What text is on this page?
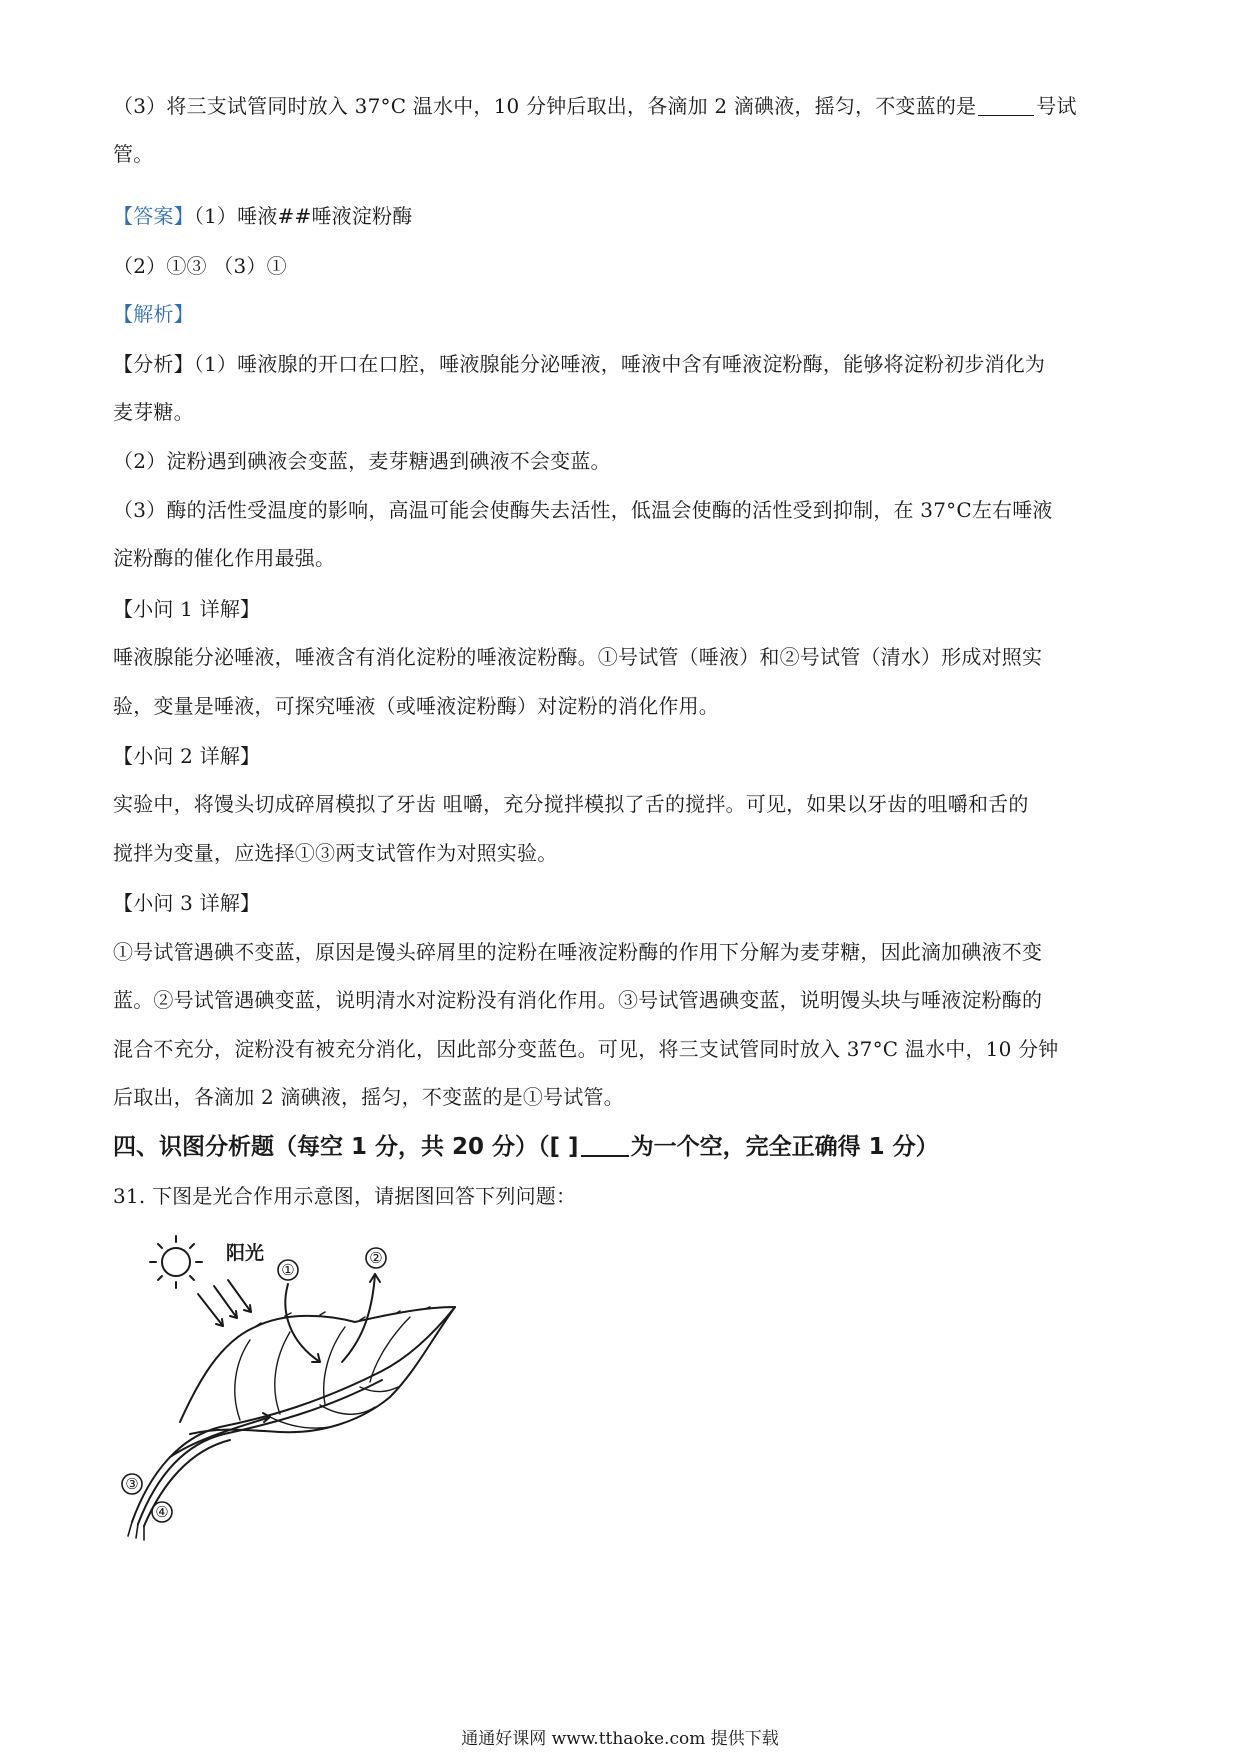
（3）将三支试管同时放入 37°C 温水中，10 分钟后取出，各滴加 2 滴碘液，摇匀，不变蓝的是	号试
管。
【答案】（1）唾液##唾液淀粉酶
（2）①③ （3）①
【解析】
【分析】（1）唾液腺的开口在口腔，唾液腺能分泌唾液，唾液中含有唾液淀粉酶，能够将淀粉初步消化为
麦芽糖。
（2）淀粉遇到碘液会变蓝，麦芽糖遇到碘液不会变蓝。
（3）酶的活性受温度的影响，高温可能会使酶失去活性，低温会使酶的活性受到抑制，在 37°C左右唾液
淀粉酶的催化作用最强。
【小问 1 详解】
唾液腺能分泌唾液，唾液含有消化淀粉的唾液淀粉酶。①号试管（唾液）和②号试管（清水）形成对照实
验，变量是唾液，可探究唾液（或唾液淀粉酶）对淀粉的消化作用。
【小问 2 详解】
实验中，将馒头切成碎屑模拟了牙齿 咀嚼，充分搅拌模拟了舌的搅拌。可见，如果以牙齿的咀嚼和舌的
搅拌为变量，应选择①③两支试管作为对照实验。
【小问 3 详解】
①号试管遇碘不变蓝，原因是馒头碎屑里的淀粉在唾液淀粉酶的作用下分解为麦芽糖，因此滴加碘液不变
蓝。②号试管遇碘变蓝，说明清水对淀粉没有消化作用。③号试管遇碘变蓝，说明馒头块与唾液淀粉酶的
混合不充分，淀粉没有被充分消化，因此部分变蓝色。可见，将三支试管同时放入 37°C 温水中，10 分钟
后取出，各滴加 2 滴碘液，摇匀，不变蓝的是①号试管。
四、识图分析题（每空 1 分，共 20 分）（[ ] 为一个空，完全正确得 1 分）
31. 下图是光合作用示意图，请据图回答下列问题：
阳光
①
②
③
④
通通好课网 www.tthaoke.com 提供下载
